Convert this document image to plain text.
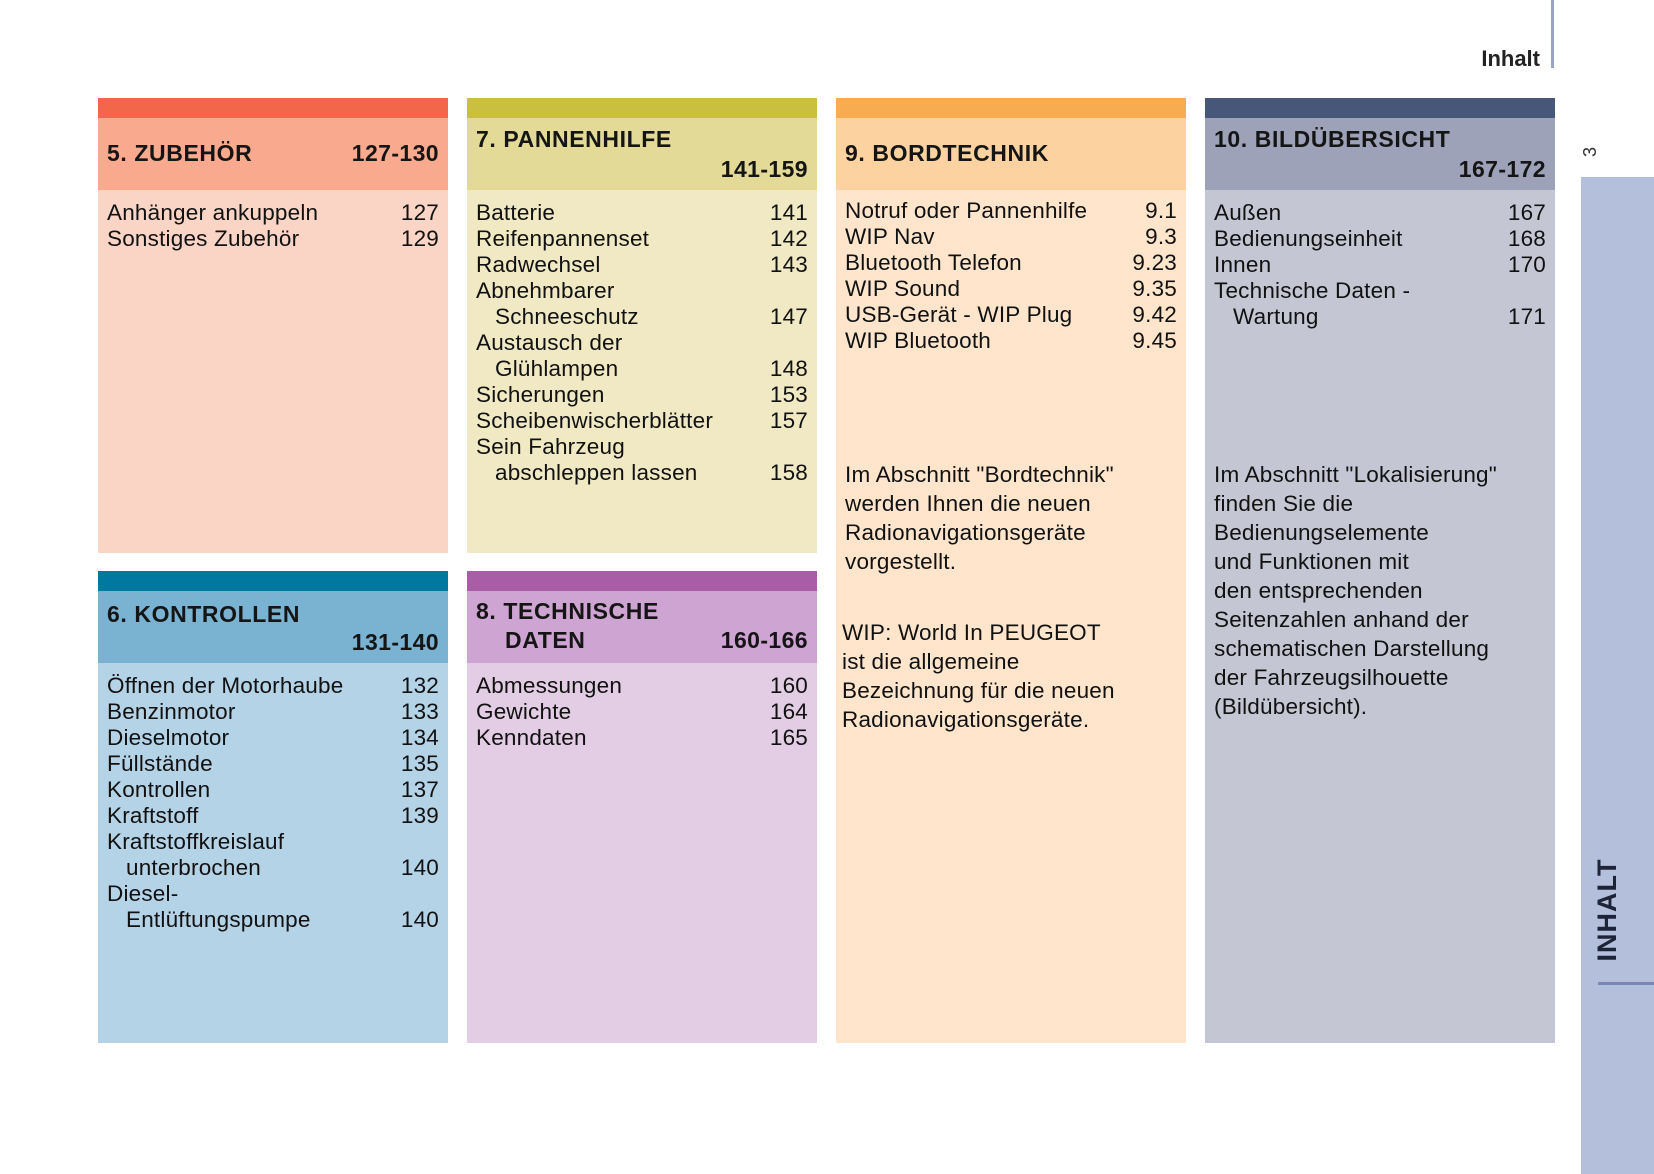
Inhalt
3
INHALT
5. ZUBEHÖR	127-130
Anhänger ankuppeln	127
Sonstiges Zubehör	129
6. KONTROLLEN
131-140
Öffnen der Motorhaube	132
Benzinmotor	133
Dieselmotor	134
Füllstände	135
Kontrollen	137
Kraftstoff	139
Kraftstoffkreislauf
unterbrochen	140
Diesel-
Entlüftungspumpe	140
7. PANNENHILFE
141-159
Batterie	141
Reifenpannenset	142
Radwechsel	143
Abnehmbarer
Schneeschutz	147
Austausch der
Glühlampen	148
Sicherungen	153
Scheibenwischerblätter	157
Sein Fahrzeug
abschleppen lassen	158
8. TECHNISCHE
DATEN	160-166
Abmessungen	160
Gewichte	164
Kenndaten	165
9. BORDTECHNIK
Notruf oder Pannenhilfe	9.1
WIP Nav	9.3
Bluetooth Telefon	9.23
WIP Sound	9.35
USB-Gerät - WIP Plug	9.42
WIP Bluetooth	9.45
Im Abschnitt "Bordtechnik"
werden Ihnen die neuen
Radionavigationsgeräte
vorgestellt.
WIP: World In PEUGEOT
ist die allgemeine
Bezeichnung für die neuen
Radionavigationsgeräte.
10. BILDÜBERSICHT
167-172
Außen	167
Bedienungseinheit	168
Innen	170
Technische Daten -
Wartung	171
Im Abschnitt "Lokalisierung"
finden Sie die
Bedienungselemente
und Funktionen mit
den entsprechenden
Seitenzahlen anhand der
schematischen Darstellung
der Fahrzeugsilhouette
(Bildübersicht).
